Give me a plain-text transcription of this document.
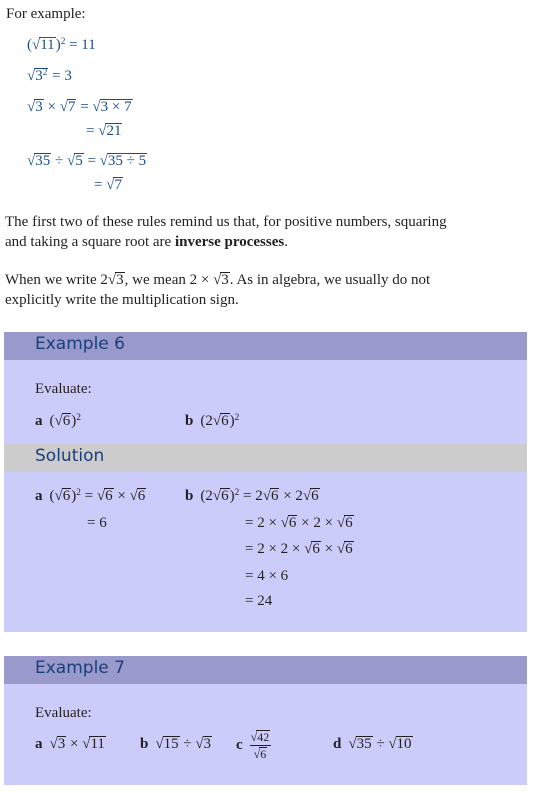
For example:
$(√11)^2 = 11$
$√3^2 = 3$
√3 × √7 = √3 × 7
= √21
√35 ÷ √5 = √35 ÷ 5
= √7
The first two of these rules remind us that, for positive numbers, squaring
and taking a square root are inverse processes.
When we write 2√3, we mean 2 × √3. As in algebra, we usually do not
explicitly write the multiplication sign.
Example 6
Evaluate:
a $(√6)^2$	b $(2√6)^2$
Solution
a $(√6)^2 = √6 \times √6$
= 6
b $(2√6)^2 = 2√6 \times 2√6$
= 2 × √6 × 2 × √6
= 2 × 2 × √6 × √6
= 4 × 6
= 24
Example 7
Evaluate:
a √3 × √11 b √15 ÷ √3 c $\frac{√42}{√6}$	d √35 ÷ √10
